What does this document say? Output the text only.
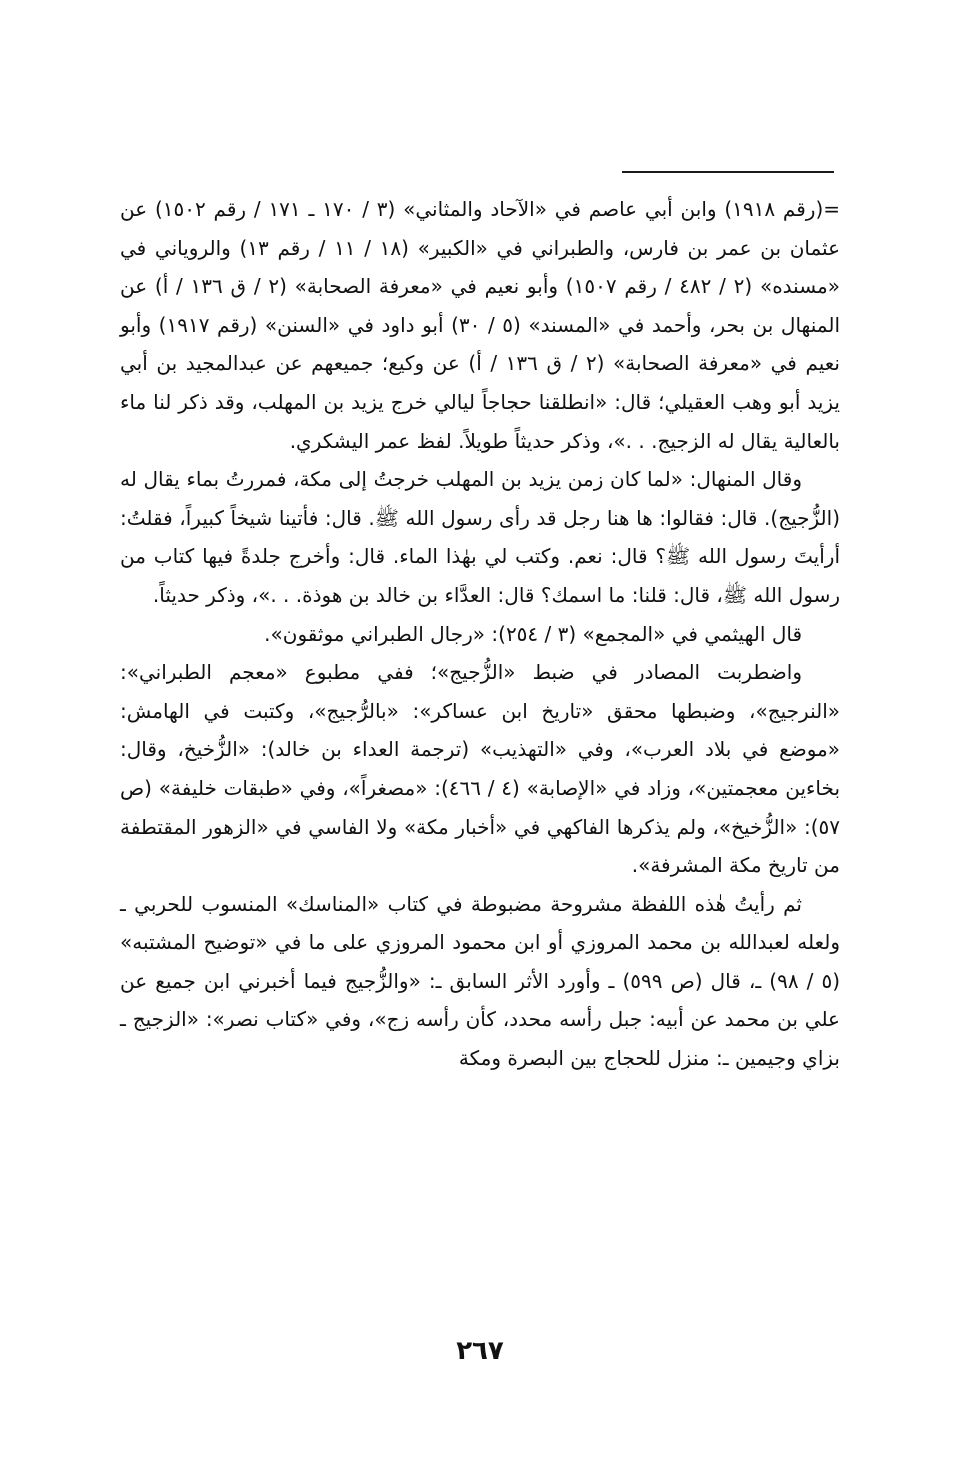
=(رقم ١٩١٨) وابن أبي عاصم في «الآحاد والمثاني» (٣ / ١٧٠ ـ ١٧١ / رقم ١٥٠٢) عن عثمان بن عمر بن فارس، والطبراني في «الكبير» (١٨ / ١١ / رقم ١٣) والروياني في «مسنده» (٢ / ٤٨٢ / رقم ١٥٠٧) وأبو نعيم في «معرفة الصحابة» (٢ / ق ١٣٦ / أ) عن المنهال بن بحر، وأحمد في «المسند» (٥ / ٣٠) أبو داود في «السنن» (رقم ١٩١٧) وأبو نعيم في «معرفة الصحابة» (٢ / ق ١٣٦ / أ) عن وكيع؛ جميعهم عن عبدالمجيد بن أبي يزيد أبو وهب العقيلي؛ قال: «انطلقنا حجاجاً ليالي خرج يزيد بن المهلب، وقد ذكر لنا ماء بالعالية يقال له الزجيج. . .»، وذكر حديثاً طويلاً. لفظ عمر اليشكري.

وقال المنهال: «لما كان زمن يزيد بن المهلب خرجتُ إلى مكة، فمررتُ بماء يقال له (الزُّجيج). قال: فقالوا: ها هنا رجل قد رأى رسول الله ﷺ. قال: فأتينا شيخاً كبيراً، فقلتُ: أرأيتَ رسول الله ﷺ؟ قال: نعم. وكتب لي بهٰذا الماء. قال: وأخرج جلدةً فيها كتاب من رسول الله ﷺ، قال: قلنا: ما اسمك؟ قال: العدَّاء بن خالد بن هوذة. . .»، وذكر حديثاً.

قال الهيثمي في «المجمع» (٣ / ٢٥٤): «رجال الطبراني موثقون».

واضطربت المصادر في ضبط «الزُّجيج»؛ ففي مطبوع «معجم الطبراني»: «النرجيج»، وضبطها محقق «تاريخ ابن عساكر»: «بالرُّجيج»، وكتبت في الهامش: «موضع في بلاد العرب»، وفي «التهذيب» (ترجمة العداء بن خالد): «الزُّخيخ، وقال: بخاءين معجمتين»، وزاد في «الإصابة» (٤ / ٤٦٦): «مصغراً»، وفي «طبقات خليفة» (ص ٥٧): «الزُّخيخ»، ولم يذكرها الفاكهي في «أخبار مكة» ولا الفاسي في «الزهور المقتطفة من تاريخ مكة المشرفة».

ثم رأيتُ هٰذه اللفظة مشروحة مضبوطة في كتاب «المناسك» المنسوب للحربي ـ ولعله لعبدالله بن محمد المروزي أو ابن محمود المروزي على ما في «توضيح المشتبه» (٥ / ٩٨) ـ، قال (ص ٥٩٩) ـ وأورد الأثر السابق ـ: «والزُّجيج فيما أخبرني ابن جميع عن علي بن محمد عن أبيه: جبل رأسه محدد، كأن رأسه زج»، وفي «كتاب نصر»: «الزجيج ـ بزاي وجيمين ـ: منزل للحجاج بين البصرة ومكة

٢٦٧
